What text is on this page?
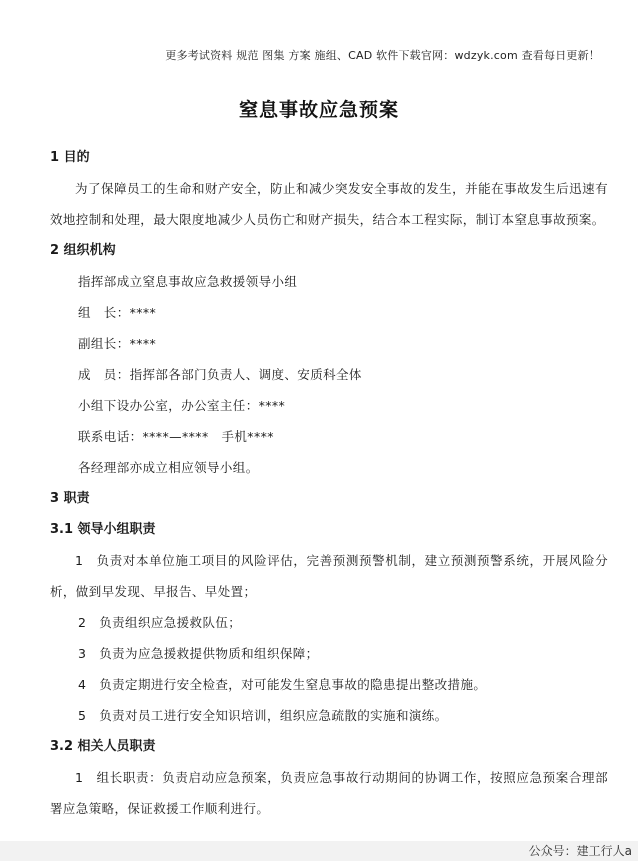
更多考试资料 规范 图集 方案 施组、CAD 软件下载官网：wdzyk.com 查看每日更新！
窒息事故应急预案

1 目的

为了保障员工的生命和财产安全，防止和减少突发安全事故的发生，并能在事故发生后迅速有效地控制和处理，最大限度地减少人员伤亡和财产损失，结合本工程实际，制订本窒息事故预案。

2 组织机构

指挥部成立窒息事故应急救援领导小组

组　长：****

副组长：****

成　员：指挥部各部门负责人、调度、安质科全体

小组下设办公室，办公室主任：****

联系电话：****—****　手机****

各经理部亦成立相应领导小组。

3 职责

3.1 领导小组职责

1　负责对本单位施工项目的风险评估，完善预测预警机制，建立预测预警系统，开展风险分析，做到早发现、早报告、早处置；

2　负责组织应急援救队伍；

3　负责为应急援救提供物质和组织保障；

4　负责定期进行安全检查，对可能发生窒息事故的隐患提出整改措施。

5　负责对员工进行安全知识培训，组织应急疏散的实施和演练。

3.2 相关人员职责

1　组长职责：负责启动应急预案，负责应急事故行动期间的协调工作，按照应急预案合理部署应急策略，保证救援工作顺利进行。

公众号：建工行人a
